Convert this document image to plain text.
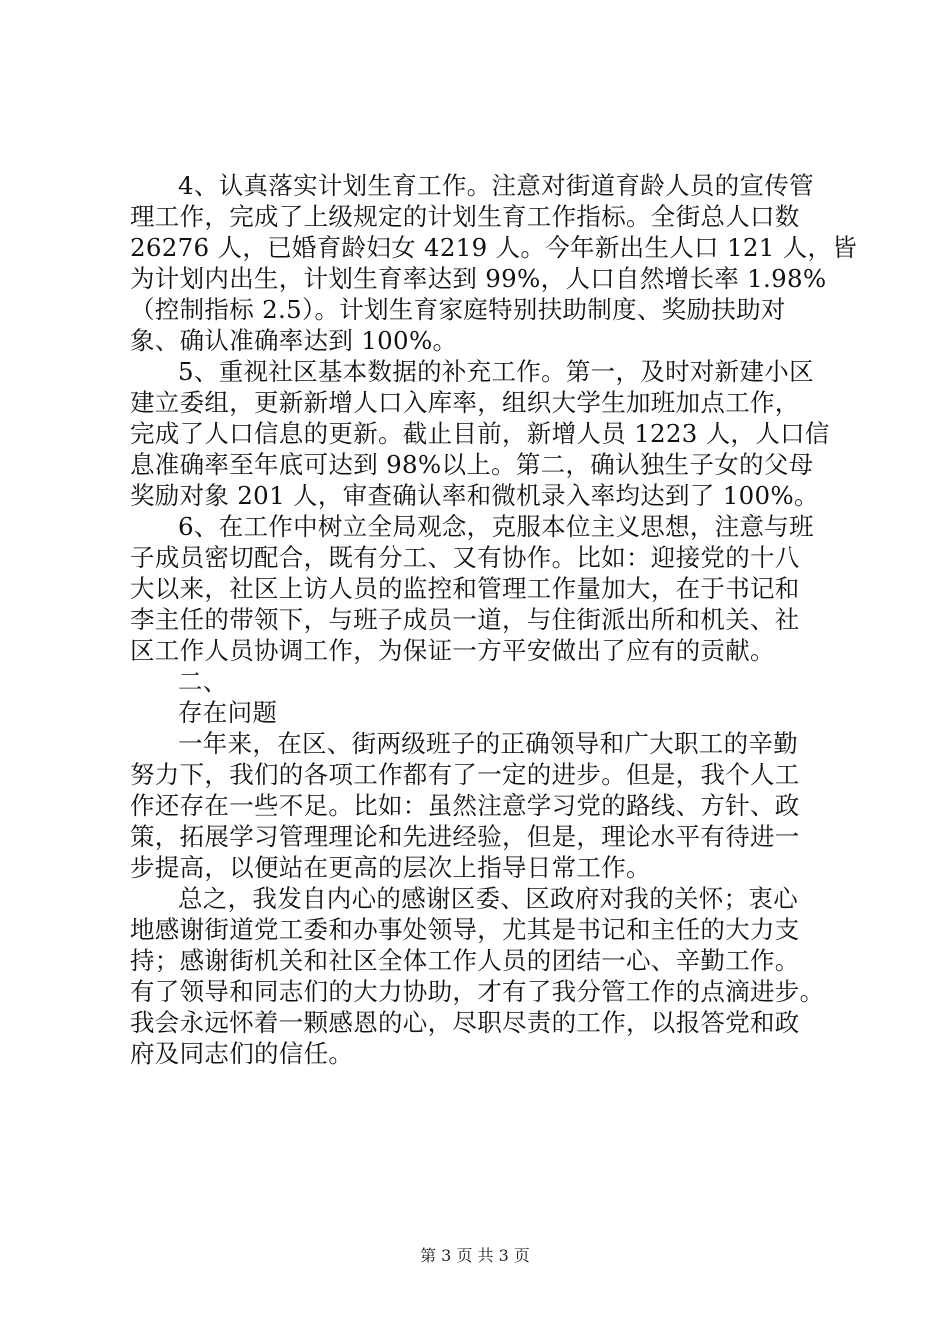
4、认真落实计划生育工作。注意对街道育龄人员的宣传管
理工作，完成了上级规定的计划生育工作指标。全街总人口数
26276 人，已婚育龄妇女 4219 人。今年新出生人口 121 人，皆
为计划内出生，计划生育率达到 99%，人口自然增长率 1.98%
（控制指标 2.5）。计划生育家庭特别扶助制度、奖励扶助对
象、确认准确率达到 100%。
5、重视社区基本数据的补充工作。第一，及时对新建小区
建立委组，更新新增人口入库率，组织大学生加班加点工作，
完成了人口信息的更新。截止目前，新增人员 1223 人，人口信
息准确率至年底可达到 98%以上。第二，确认独生子女的父母
奖励对象 201 人，审查确认率和微机录入率均达到了 100%。
6、在工作中树立全局观念，克服本位主义思想，注意与班
子成员密切配合，既有分工、又有协作。比如：迎接党的十八
大以来，社区上访人员的监控和管理工作量加大，在于书记和
李主任的带领下，与班子成员一道，与住街派出所和机关、社
区工作人员协调工作，为保证一方平安做出了应有的贡献。
二、
存在问题
一年来，在区、街两级班子的正确领导和广大职工的辛勤
努力下，我们的各项工作都有了一定的进步。但是，我个人工
作还存在一些不足。比如：虽然注意学习党的路线、方针、政
策，拓展学习管理理论和先进经验，但是，理论水平有待进一
步提高，以便站在更高的层次上指导日常工作。
总之，我发自内心的感谢区委、区政府对我的关怀；衷心
地感谢街道党工委和办事处领导，尤其是书记和主任的大力支
持；感谢街机关和社区全体工作人员的团结一心、辛勤工作。
有了领导和同志们的大力协助，才有了我分管工作的点滴进步。
我会永远怀着一颗感恩的心，尽职尽责的工作，以报答党和政
府及同志们的信任。
第 3 页 共 3 页
